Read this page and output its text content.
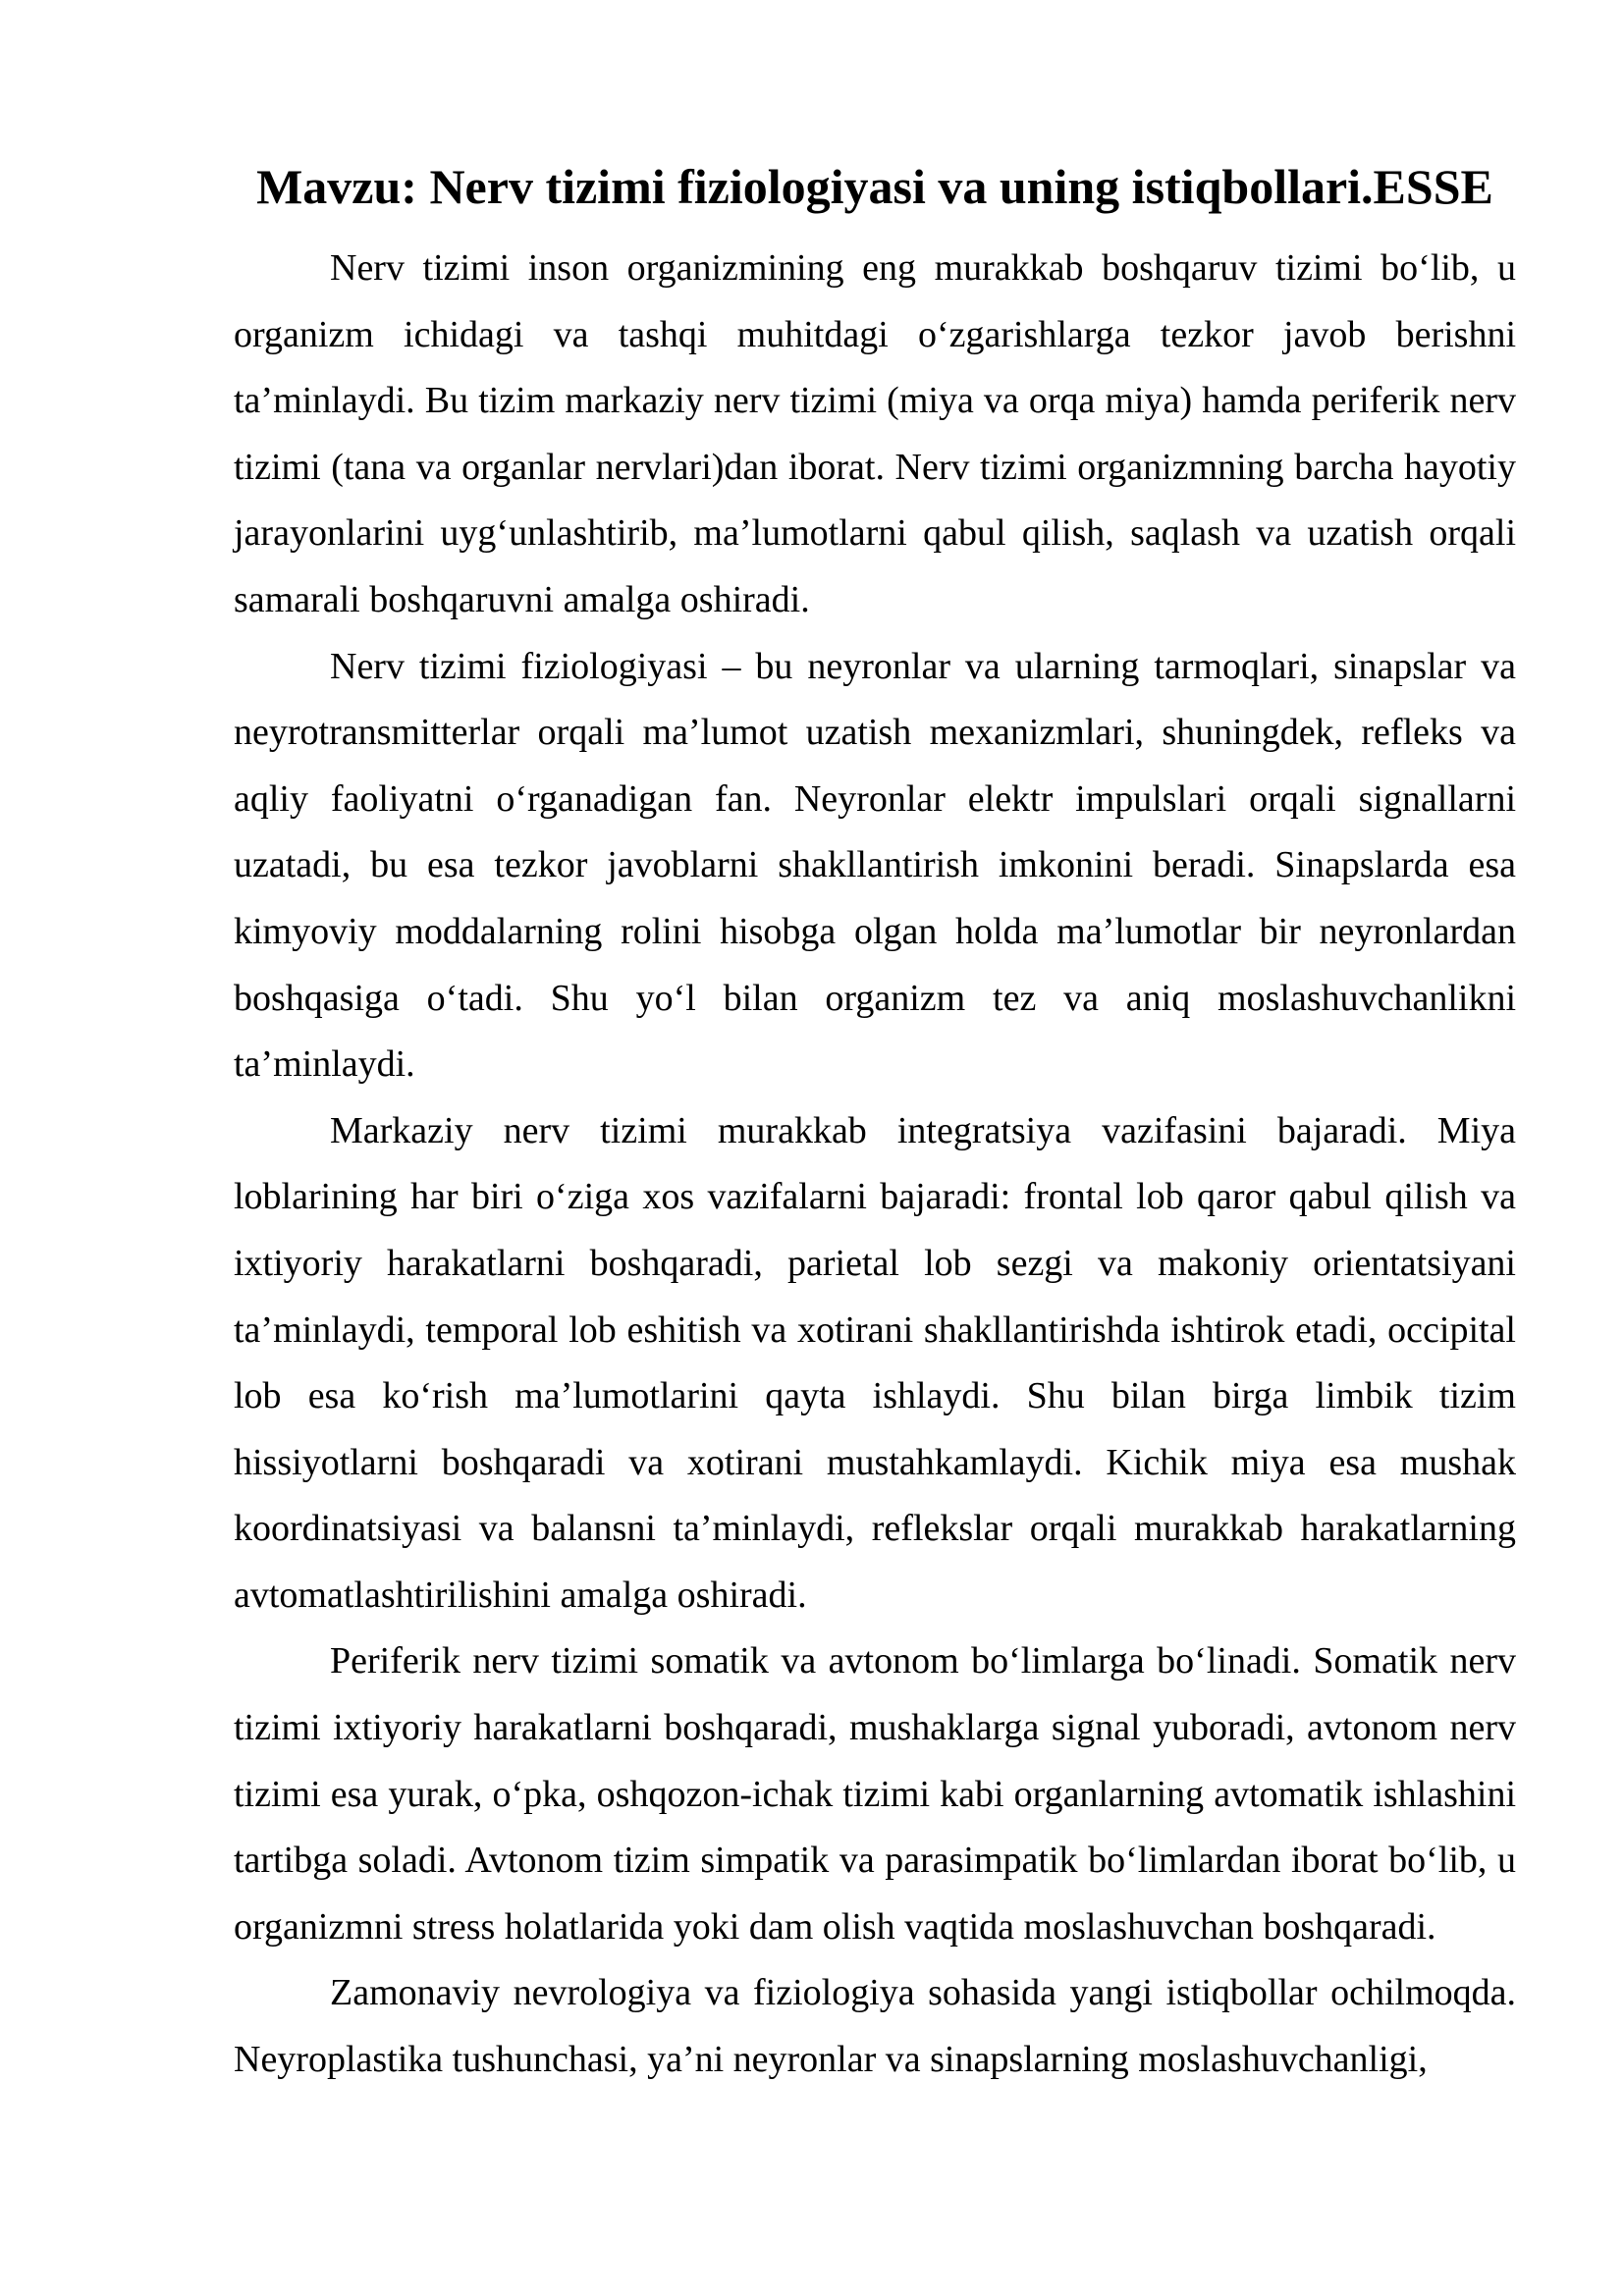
Mavzu: Nerv tizimi fiziologiyasi va uning istiqbollari.ESSE

Nerv tizimi inson organizmining eng murakkab boshqaruv tizimi bo‘lib, u organizm ichidagi va tashqi muhitdagi o‘zgarishlarga tezkor javob berishni ta’minlaydi. Bu tizim markaziy nerv tizimi (miya va orqa miya) hamda periferik nerv tizimi (tana va organlar nervlari)dan iborat. Nerv tizimi organizmning barcha hayotiy jarayonlarini uyg‘unlashtirib, ma’lumotlarni qabul qilish, saqlash va uzatish orqali samarali boshqaruvni amalga oshiradi.

Nerv tizimi fiziologiyasi – bu neyronlar va ularning tarmoqlari, sinapslar va neyrotransmitterlar orqali ma’lumot uzatish mexanizmlari, shuningdek, refleks va aqliy faoliyatni o‘rganadigan fan. Neyronlar elektr impulslari orqali signallarni uzatadi, bu esa tezkor javoblarni shakllantirish imkonini beradi. Sinapslarda esa kimyoviy moddalarning rolini hisobga olgan holda ma’lumotlar bir neyronlardan boshqasiga o‘tadi. Shu yo‘l bilan organizm tez va aniq moslashuvchanlikni ta’minlaydi.

Markaziy nerv tizimi murakkab integratsiya vazifasini bajaradi. Miya loblarining har biri o‘ziga xos vazifalarni bajaradi: frontal lob qaror qabul qilish va ixtiyoriy harakatlarni boshqaradi, parietal lob sezgi va makoniy orientatsiyani ta’minlaydi, temporal lob eshitish va xotirani shakllantirishda ishtirok etadi, occipital lob esa ko‘rish ma’lumotlarini qayta ishlaydi. Shu bilan birga limbik tizim hissiyotlarni boshqaradi va xotirani mustahkamlaydi. Kichik miya esa mushak koordinatsiyasi va balansni ta’minlaydi, reflekslar orqali murakkab harakatlarning avtomatlashtirilishini amalga oshiradi.

Periferik nerv tizimi somatik va avtonom bo‘limlarga bo‘linadi. Somatik nerv tizimi ixtiyoriy harakatlarni boshqaradi, mushaklarga signal yuboradi, avtonom nerv tizimi esa yurak, o‘pka, oshqozon-ichak tizimi kabi organlarning avtomatik ishlashini tartibga soladi. Avtonom tizim simpatik va parasimpatik bo‘limlardan iborat bo‘lib, u organizmni stress holatlarida yoki dam olish vaqtida moslashuvchan boshqaradi.

Zamonaviy nevrologiya va fiziologiya sohasida yangi istiqbollar ochilmoqda. Neyroplastika tushunchasi, ya’ni neyronlar va sinapslarning moslashuvchanligi,
